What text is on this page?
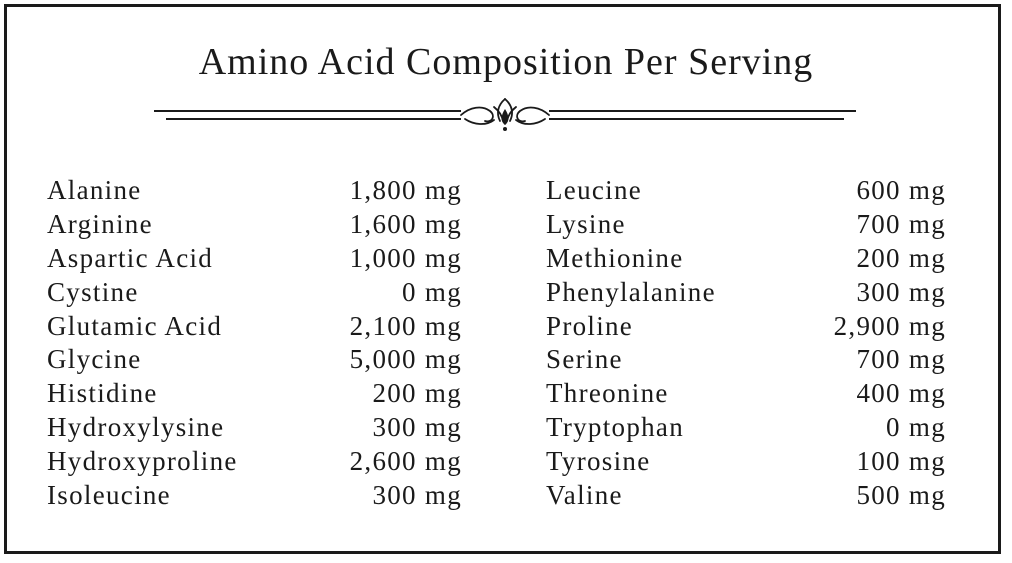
Amino Acid Composition Per Serving
Alanine	1,800 mg
Arginine	1,600 mg
Aspartic Acid	1,000 mg
Cystine	0 mg
Glutamic Acid	2,100 mg
Glycine	5,000 mg
Histidine	200 mg
Hydroxylysine	300 mg
Hydroxyproline	2,600 mg
Isoleucine	300 mg
Leucine	600 mg
Lysine	700 mg
Methionine	200 mg
Phenylalanine	300 mg
Proline	2,900 mg
Serine	700 mg
Threonine	400 mg
Tryptophan	0 mg
Tyrosine	100 mg
Valine	500 mg
